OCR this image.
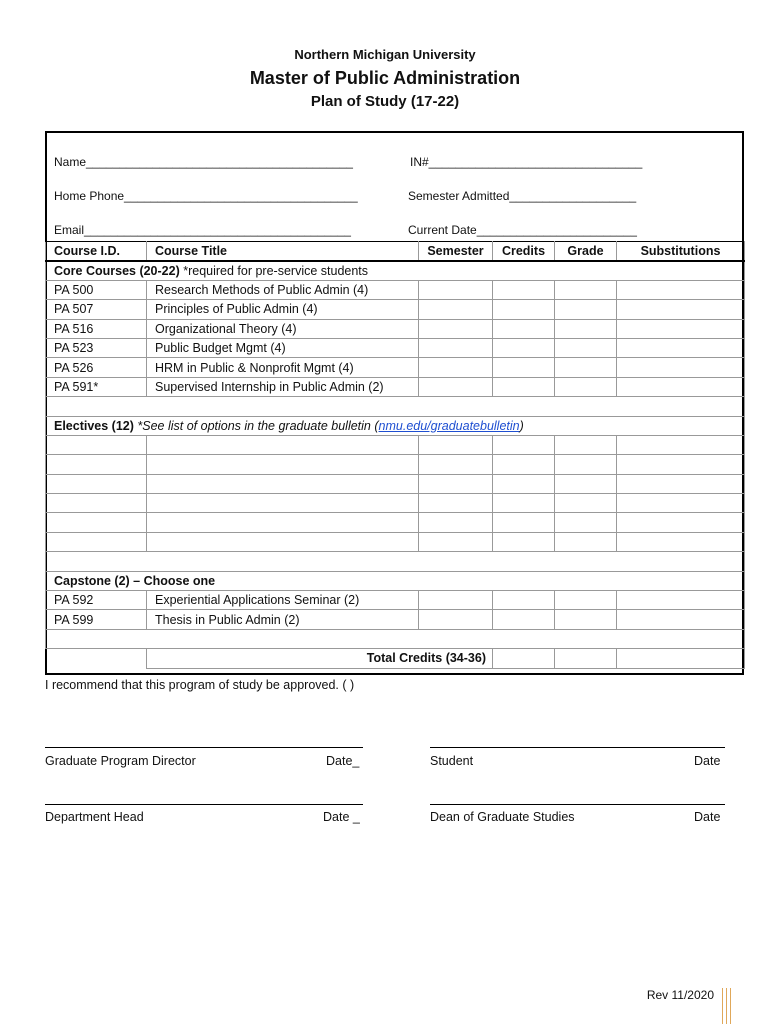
Northern Michigan University
Master of Public Administration
Plan of Study (17-22)
Name________________________________________	IN#________________________________
Home Phone___________________________________	Semester Admitted___________________
Email________________________________________	Current Date________________________
Course I.D.	Course Title	Semester	Credits	Grade	Substitutions
Core Courses (20-22) *required for pre-service students					
PA 500	Research Methods of Public Admin (4)				
PA 507	Principles of Public Admin (4)				
PA 516	Organizational Theory (4)				
PA 523	Public Budget Mgmt (4)				
PA 526	HRM in Public & Nonprofit Mgmt (4)				
PA 591*	Supervised Internship in Public Admin (2)				

Electives (12) *See list of options in the graduate bulletin (nmu.edu/graduatebulletin)					

Capstone (2) – Choose one					
PA 592	Experiential Applications Seminar (2)				
PA 599	Thesis in Public Admin (2)				

	Total Credits (34-36)				
I recommend that this program of study be approved. ( )
Graduate Program Director	Date_	Student	Date
Department Head	Date _	Dean of Graduate Studies	Date
Rev 11/2020
